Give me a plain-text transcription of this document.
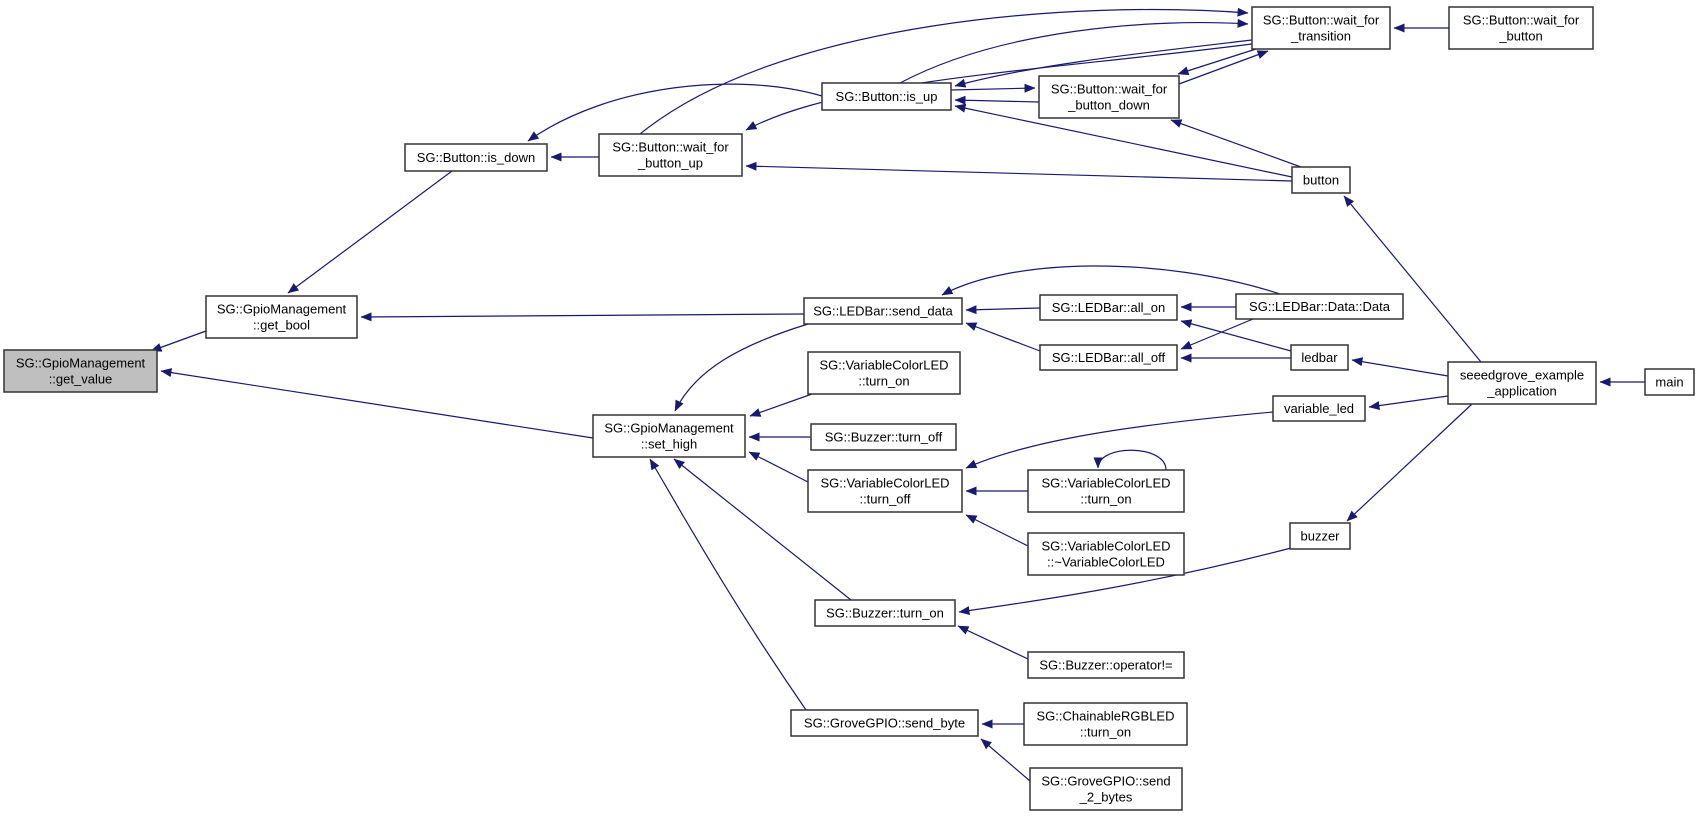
SG::GpioManagement ::get_value
SG::GpioManagement ::get_bool
SG::Button::is_down
SG::Button::wait_for _button_up
SG::Button::is_up	SG::Button::wait_for _button_down
SG::Button::wait_for _transition
SG::Button::wait_for _button
button
SG::LEDBar::send_data	SG::LEDBar::all_on	SG::LEDBar::Data::Data
SG::LEDBar::all_off	ledbar
SG::VariableColorLED ::turn_on	seeedgrove_example _application
main
variable_led
SG::GpioManagement ::set_high	SG::Buzzer::turn_off
SG::VariableColorLED ::turn_off
SG::VariableColorLED ::turn_on
SG::VariableColorLED ::~VariableColorLED
buzzer
SG::Buzzer::turn_on
SG::Buzzer::operator!=
SG::GroveGPIO::send_byte	SG::ChainableRGBLED ::turn_on
SG::GroveGPIO::send _2_bytes
